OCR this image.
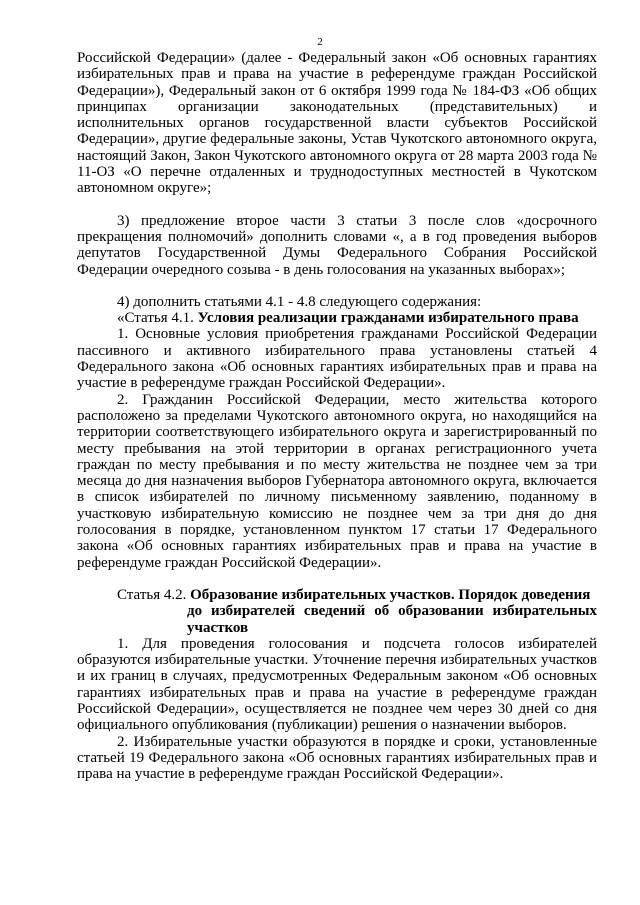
2

Российской Федерации» (далее - Федеральный закон «Об основных гарантиях избирательных прав и права на участие в референдуме граждан Российской Федерации»), Федеральный закон от 6 октября 1999 года № 184-ФЗ «Об общих принципах организации законодательных (представительных) и исполнительных органов государственной власти субъектов Российской Федерации», другие федеральные законы, Устав Чукотского автономного округа, настоящий Закон, Закон Чукотского автономного округа от 28 марта 2003 года № 11-ОЗ «О перечне отдаленных и труднодоступных местностей в Чукотском автономном округе»;

3) предложение второе части 3 статьи 3 после слов «досрочного прекращения полномочий» дополнить словами «, а в год проведения выборов депутатов Государственной Думы Федерального Собрания Российской Федерации очередного созыва - в день голосования на указанных выборах»;

4) дополнить статьями 4.1 - 4.8 следующего содержания:

«Статья 4.1. Условия реализации гражданами избирательного права

1. Основные условия приобретения гражданами Российской Федерации пассивного и активного избирательного права установлены статьей 4 Федерального закона «Об основных гарантиях избирательных прав и права на участие в референдуме граждан Российской Федерации».

2. Гражданин Российской Федерации, место жительства которого расположено за пределами Чукотского автономного округа, но находящийся на территории соответствующего избирательного округа и зарегистрированный по месту пребывания на этой территории в органах регистрационного учета граждан по месту пребывания и по месту жительства не позднее чем за три месяца до дня назначения выборов Губернатора автономного округа, включается в список избирателей по личному письменному заявлению, поданному в участковую избирательную комиссию не позднее чем за три дня до дня голосования в порядке, установленном пунктом 17 статьи 17 Федерального закона «Об основных гарантиях избирательных прав и права на участие в референдуме граждан Российской Федерации».

Статья 4.2. Образование избирательных участков. Порядок доведения
до избирателей сведений об образовании избирательных участков

1. Для проведения голосования и подсчета голосов избирателей образуются избирательные участки. Уточнение перечня избирательных участков и их границ в случаях, предусмотренных Федеральным законом «Об основных гарантиях избирательных прав и права на участие в референдуме граждан Российской Федерации», осуществляется не позднее чем через 30 дней со дня официального опубликования (публикации) решения о назначении выборов.

2. Избирательные участки образуются в порядке и сроки, установленные статьей 19 Федерального закона «Об основных гарантиях избирательных прав и права на участие в референдуме граждан Российской Федерации».
